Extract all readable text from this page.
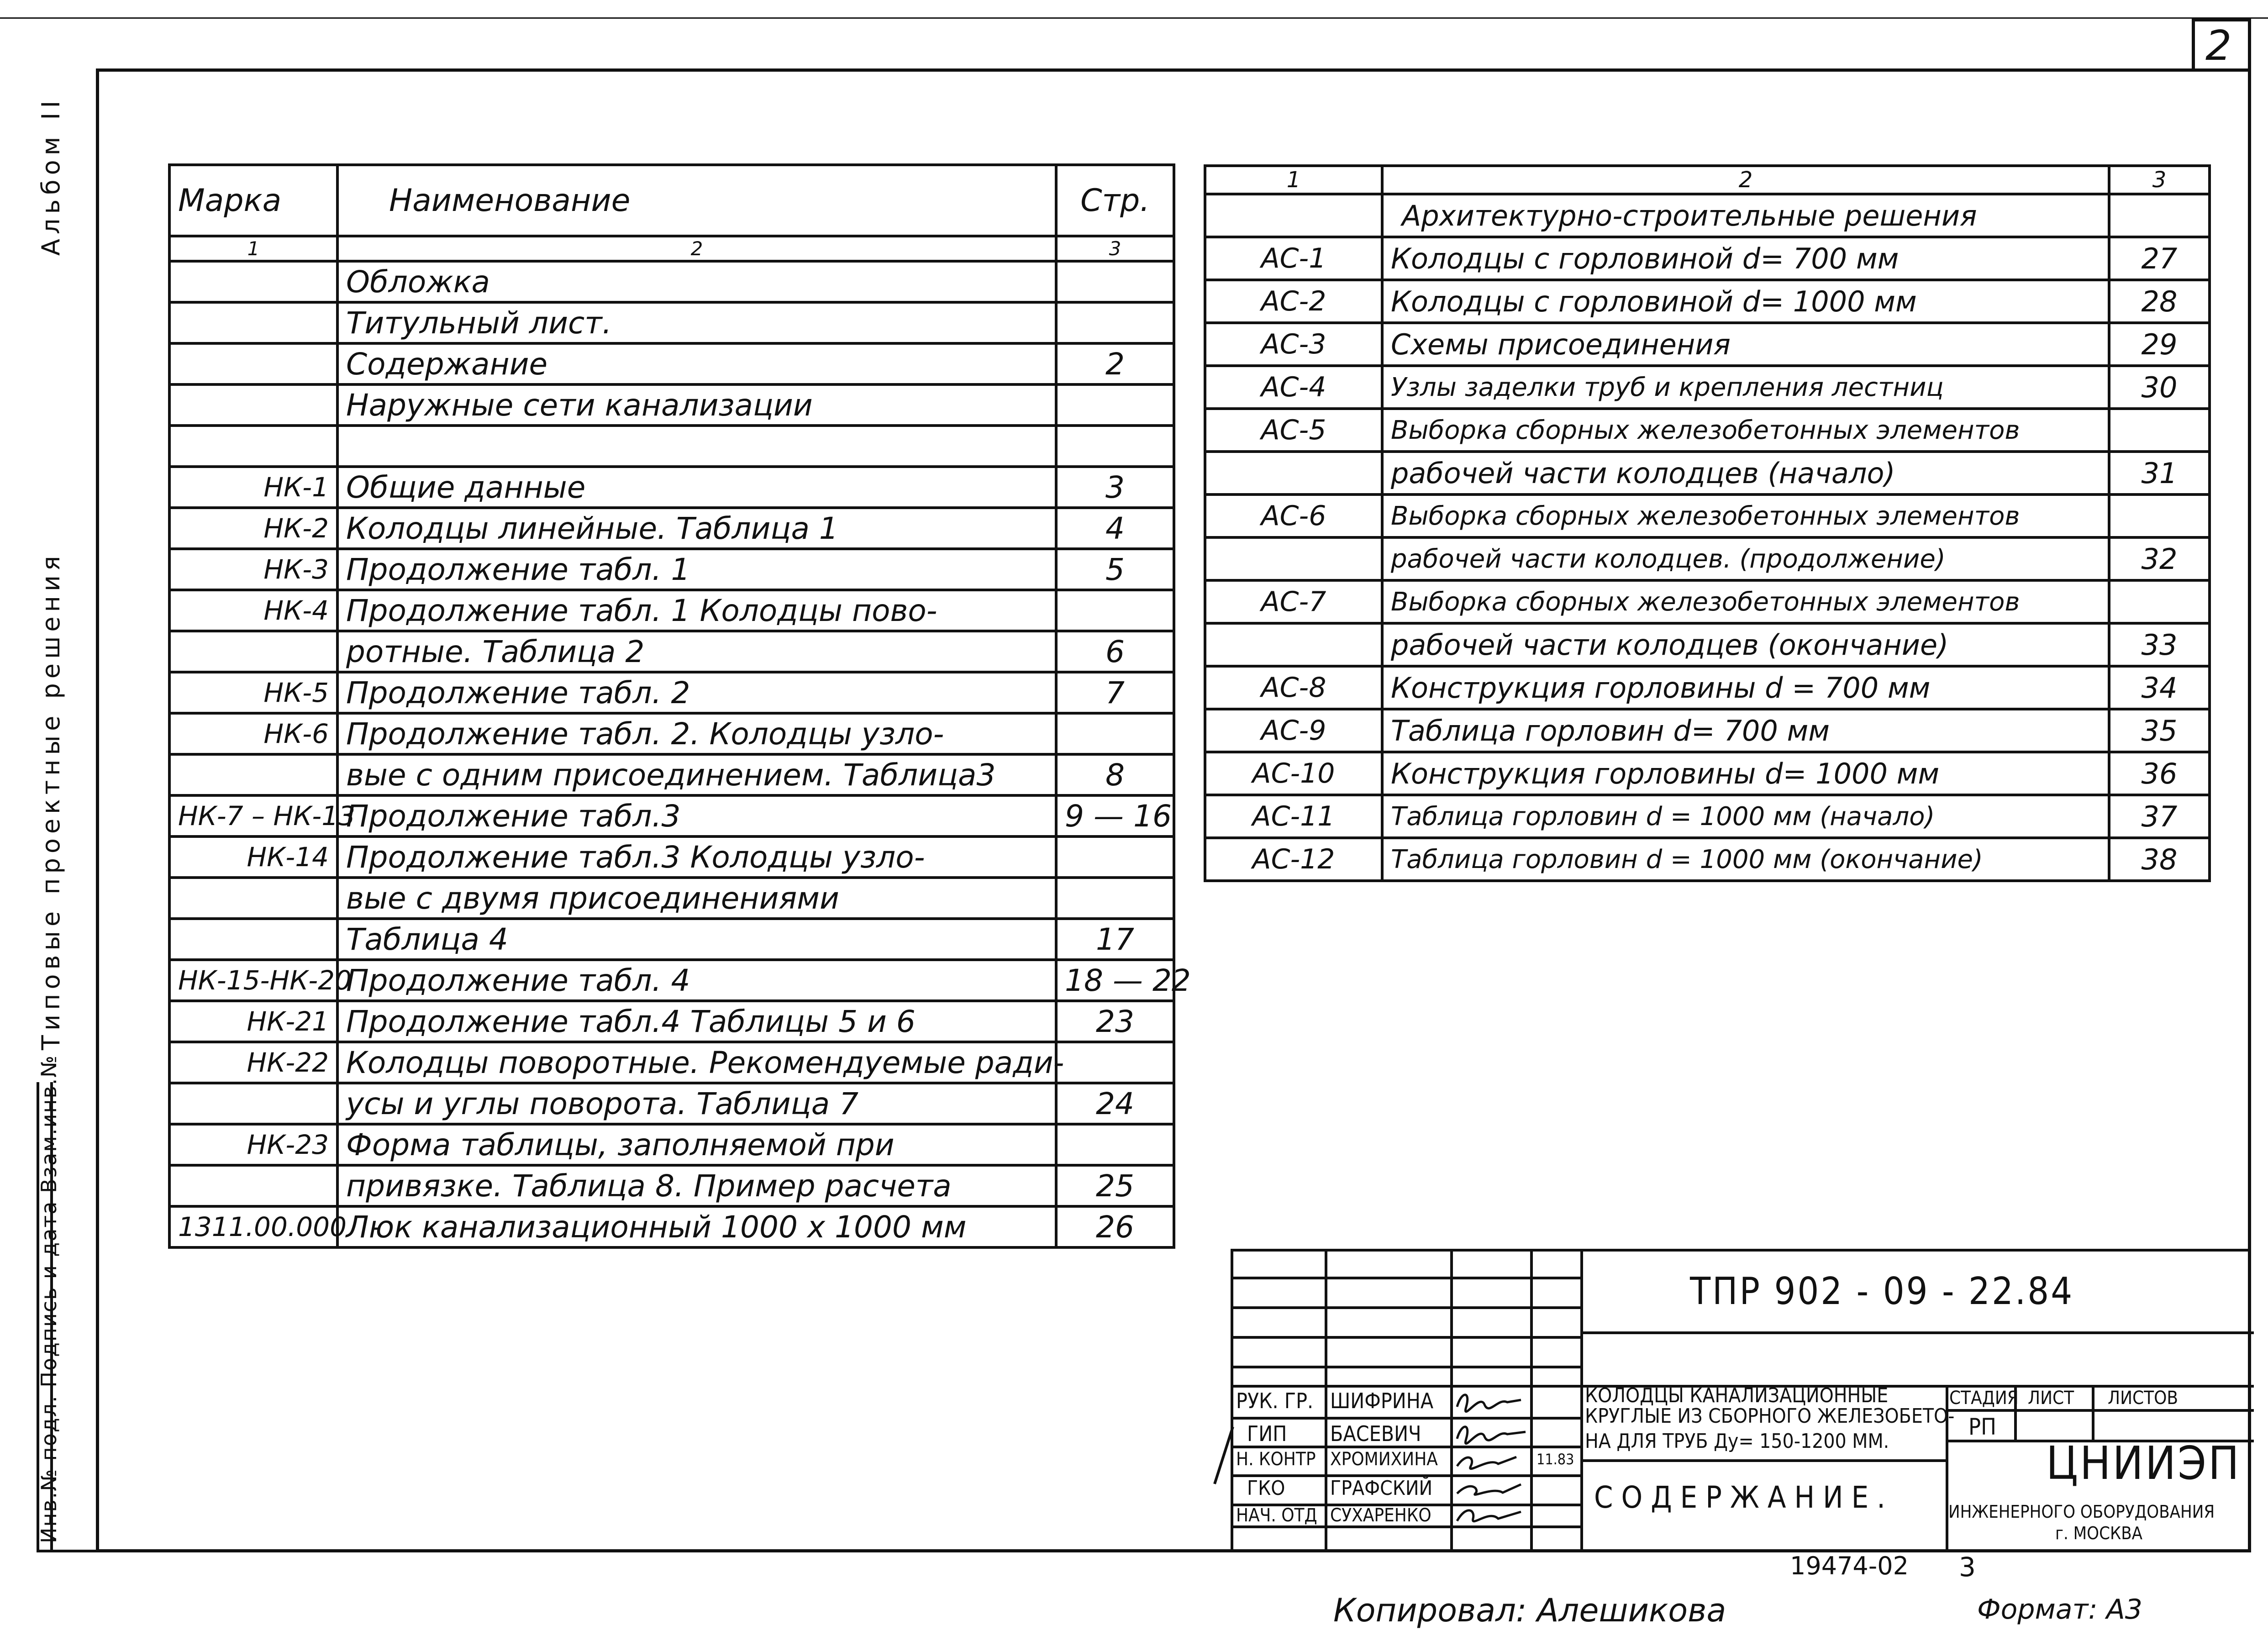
2
Альбом II
Типовые проектные решения
Инв.№ подл. Подпись и дата Взам.инв.№
Марка	Наименование	Стр.
1	2	3
	Обложка	
	Титульный лист.	
	Содержание	2
	Наружные сети канализации	

НК-1	Общие данные	3
НК-2	Колодцы линейные. Таблица 1	4
НК-3	Продолжение табл. 1	5
НК-4	Продолжение табл. 1 Колодцы пово-	
	ротные. Таблица 2	6
НК-5	Продолжение табл. 2	7
НК-6	Продолжение табл. 2. Колодцы узло-	
	вые с одним присоединением. Таблица3	8
НК-7 – НК-13	Продолжение табл.3	9 — 16
НК-14	Продолжение табл.3 Колодцы узло-	
	вые с двумя присоединениями	
	Таблица 4	17
НК-15-НК-20	Продолжение табл. 4	18 — 22
НК-21	Продолжение табл.4 Таблицы 5 и 6	23
НК-22	Колодцы поворотные. Рекомендуемые ради-	
	усы и углы поворота. Таблица 7	24
НК-23	Форма таблицы, заполняемой при	
	привязке. Таблица 8. Пример расчета	25
1311.00.000	Люк канализационный 1000 х 1000 мм	26
1	2	3
	Архитектурно-строительные решения	
АС-1	Колодцы с горловиной d= 700 мм	27
АС-2	Колодцы с горловиной d= 1000 мм	28
АС-3	Схемы присоединения	29
АС-4	Узлы заделки труб и крепления лестниц	30
АС-5	Выборка сборных железобетонных элементов	
	рабочей части колодцев (начало)	31
АС-6	Выборка сборных железобетонных элементов	
	рабочей части колодцев. (продолжение)	32
АС-7	Выборка сборных железобетонных элементов	
	рабочей части колодцев (окончание)	33
АС-8	Конструкция горловины d = 700 мм	34
АС-9	Таблица горловин d= 700 мм	35
АС-10	Конструкция горловины d= 1000 мм	36
АС-11	Таблица горловин d = 1000 мм (начало)	37
АС-12	Таблица горловин d = 1000 мм (окончание)	38
ТПР 902 - 09 - 22.84
КОЛОДЦЫ КАНАЛИЗАЦИОННЫЕ
КРУГЛЫЕ ИЗ СБОРНОГО ЖЕЛЕЗОБЕТО-
НА ДЛЯ ТРУБ Ду= 150-1200 ММ.
СОДЕРЖАНИЕ.
СТАДИЯ ЛИСТ ЛИСТОВ
РП
ЦНИИЭП
ИНЖЕНЕРНОГО ОБОРУДОВАНИЯ
г. МОСКВА
РУК. ГР. ШИФРИНА
ГИП БАСЕВИЧ
Н. КОНТР ХРОМИХИНА	11.83
ГКО ГРАФСКИЙ
НАЧ. ОТД СУХАРЕНКО
19474-02 3
Копировал: Алешикова	Формат: А3
